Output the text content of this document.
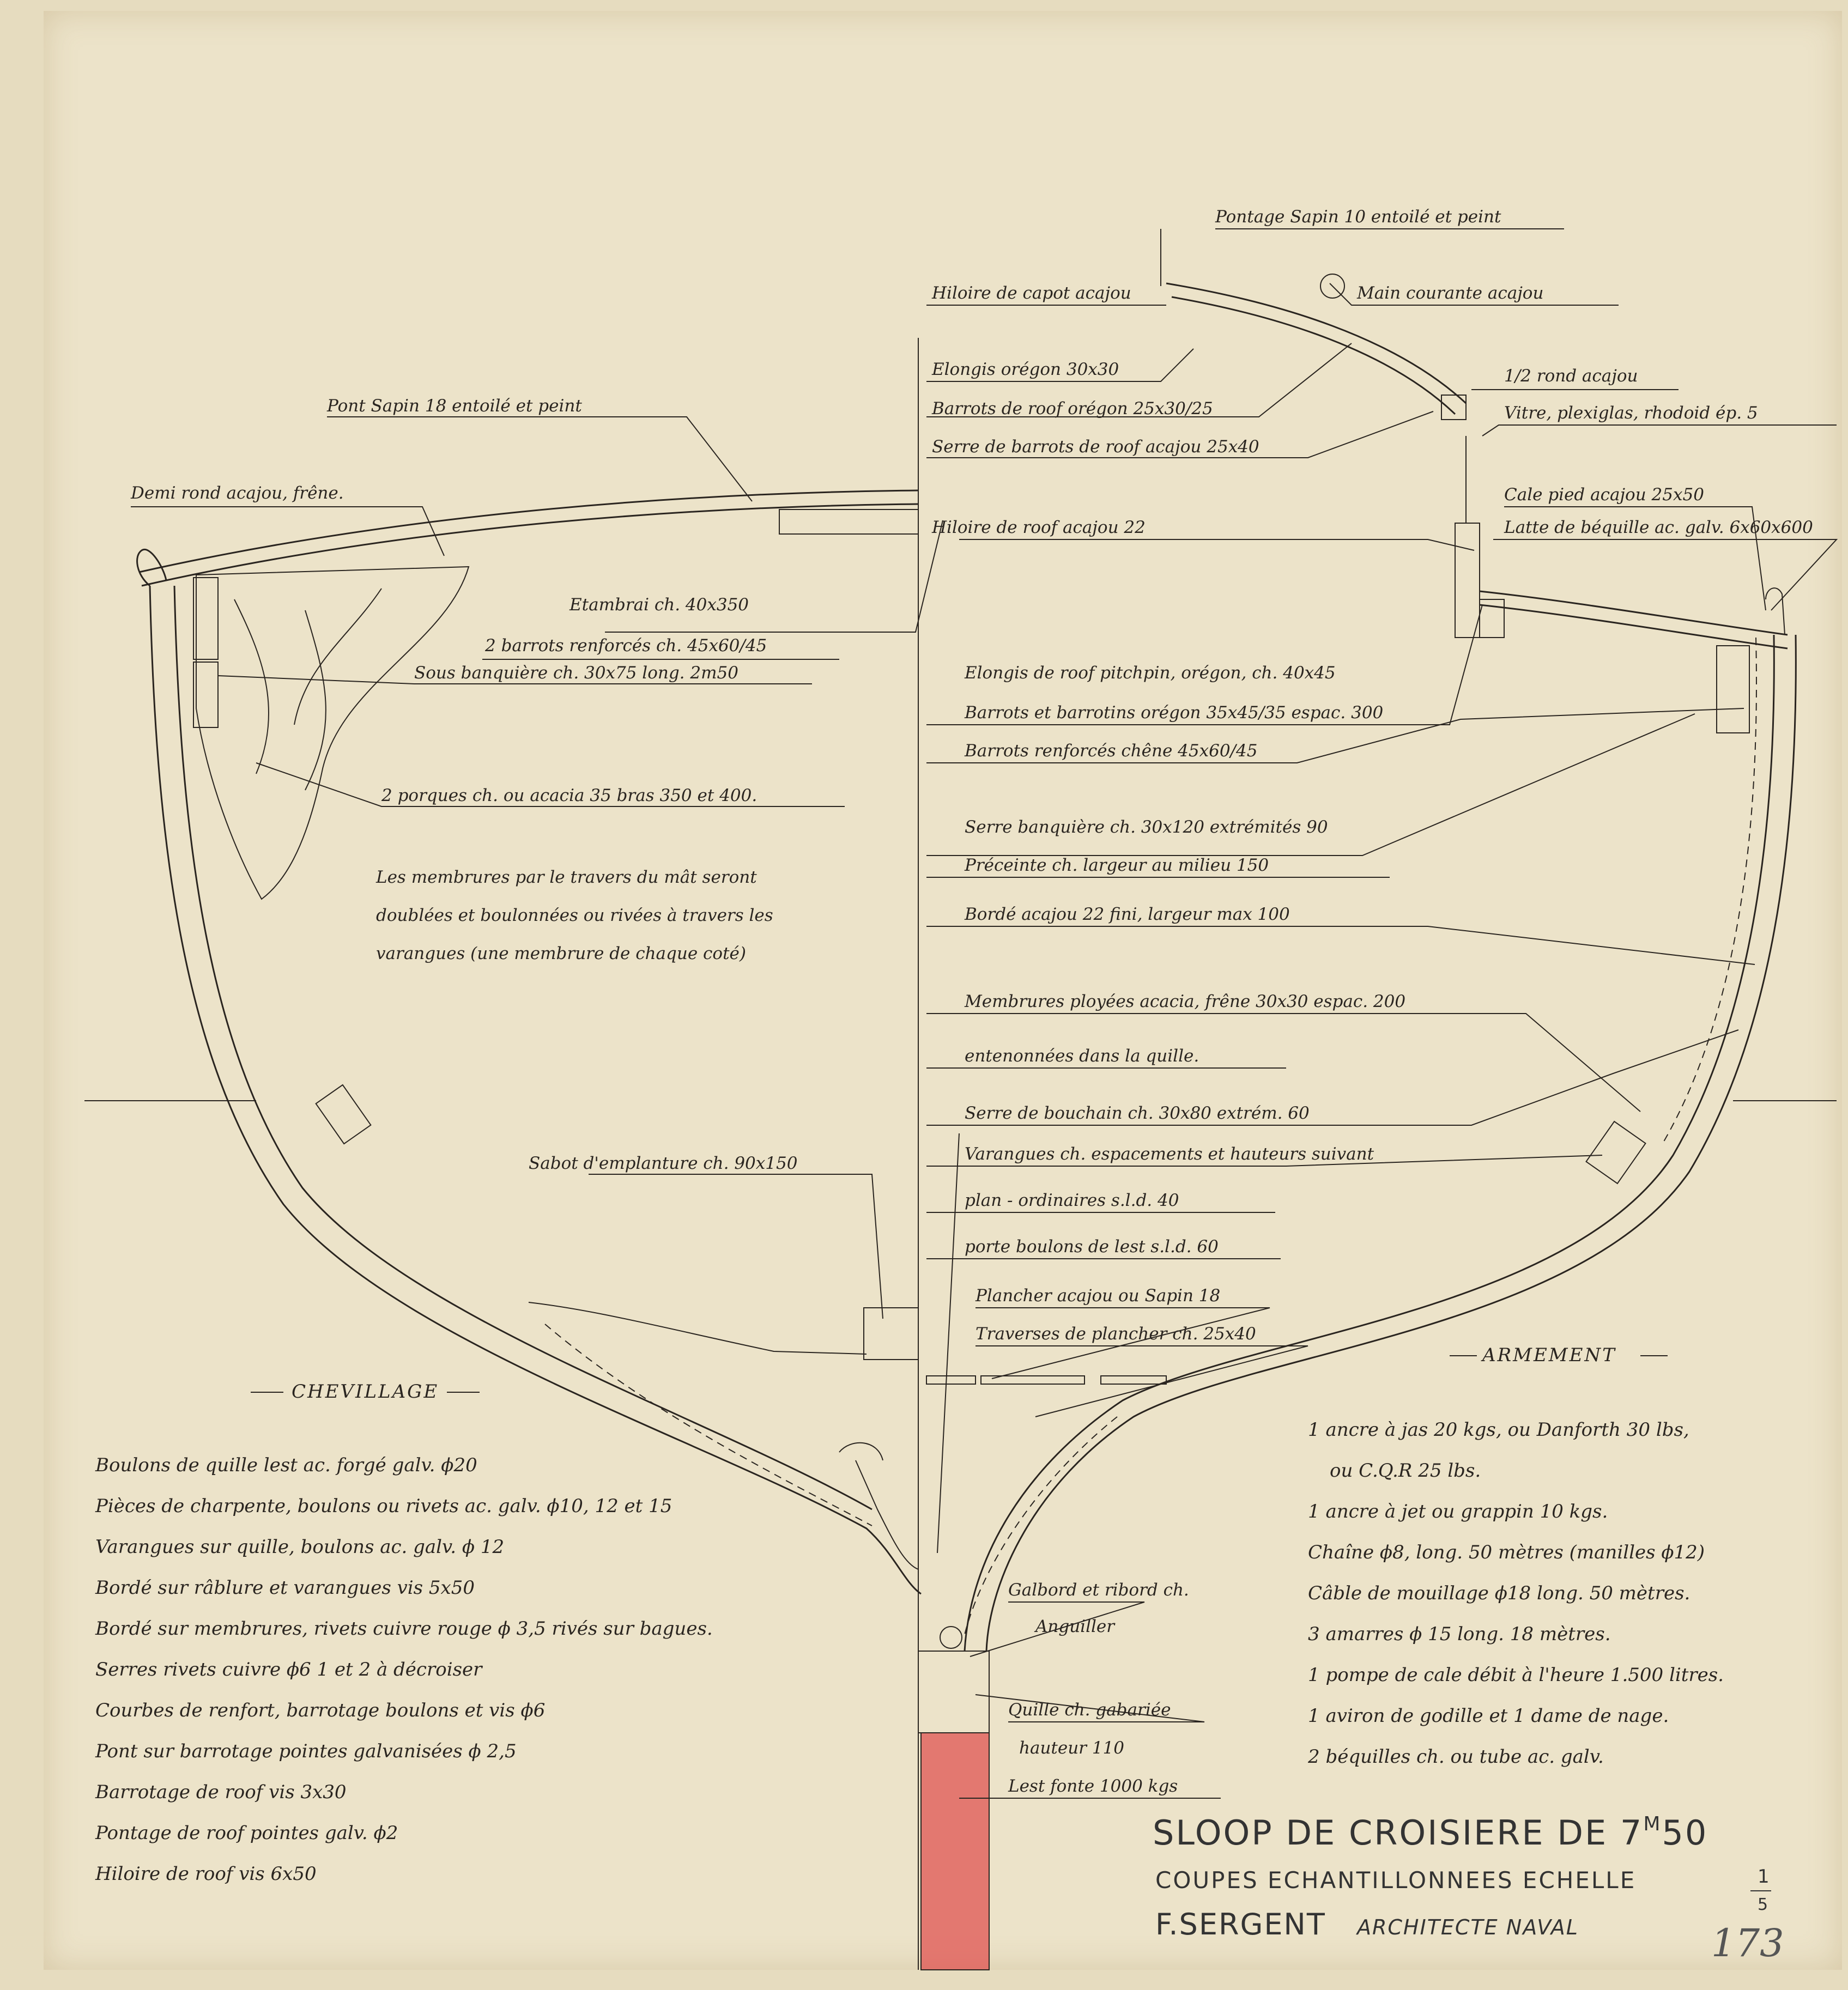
Pont Sapin 18 entoilé et peint
Demi rond acajou, frêne.
Etambrai ch. 40x350
2 barrots renforcés ch. 45x60/45
Sous banquière ch. 30x75 long. 2m50
2 porques ch. ou acacia 35 bras 350 et 400.
Les membrures par le travers du mât seront
doublées et boulonnées ou rivées à travers les
varangues (une membrure de chaque coté)
Sabot d'emplanture ch. 90x150
Pontage Sapin 10 entoilé et peint
Hiloire de capot acajou	Main courante acajou
Elongis orégon 30x30
Barrots de roof orégon 25x30/25
Serre de barrots de roof acajou 25x40
1/2 rond acajou
Vitre, plexiglas, rhodoid ép. 5
Cale pied acajou 25x50
Latte de béquille ac. galv. 6x60x600
Hiloire de roof acajou 22
Elongis de roof pitchpin, orégon, ch. 40x45
Barrots et barrotins orégon 35x45/35 espac. 300
Barrots renforcés chêne 45x60/45
Serre banquière ch. 30x120 extrémités 90
Préceinte ch. largeur au milieu 150
Bordé acajou 22 fini, largeur max 100
Membrures ployées acacia, frêne 30x30 espac. 200
entenonnées dans la quille.
Serre de bouchain ch. 30x80 extrém. 60
Varangues ch. espacements et hauteurs suivant
plan - ordinaires s.l.d. 40
porte boulons de lest s.l.d. 60
Plancher acajou ou Sapin 18
Traverses de plancher ch. 25x40
Galbord et ribord ch.
Anguiller
Quille ch. gabariée
hauteur 110
Lest fonte 1000 kgs
CHEVILLAGE
Boulons de quille lest ac. forgé galv. ϕ20
Pièces de charpente, boulons ou rivets ac. galv. ϕ10, 12 et 15
Varangues sur quille, boulons ac. galv. ϕ 12
Bordé sur râblure et varangues vis 5x50
Bordé sur membrures, rivets cuivre rouge ϕ 3,5 rivés sur bagues.
Serres rivets cuivre ϕ6 1 et 2 à décroiser
Courbes de renfort, barrotage boulons et vis ϕ6
Pont sur barrotage pointes galvanisées ϕ 2,5
Barrotage de roof vis 3x30
Pontage de roof pointes galv. ϕ2
Hiloire de roof vis 6x50
ARMEMENT
1 ancre à jas 20 kgs, ou Danforth 30 lbs,
ou C.Q.R 25 lbs.
1 ancre à jet ou grappin 10 kgs.
Chaîne ϕ8, long. 50 mètres (manilles ϕ12)
Câble de mouillage ϕ18 long. 50 mètres.
3 amarres ϕ 15 long. 18 mètres.
1 pompe de cale débit à l'heure 1.500 litres.
1 aviron de godille et 1 dame de nage.
2 béquilles ch. ou tube ac. galv.
SLOOP DE CROISIERE DE $7^M50$
COUPES ECHANTILLONNEES ECHELLE	1
5
F.SERGENT ARCHITECTE NAVAL	173
